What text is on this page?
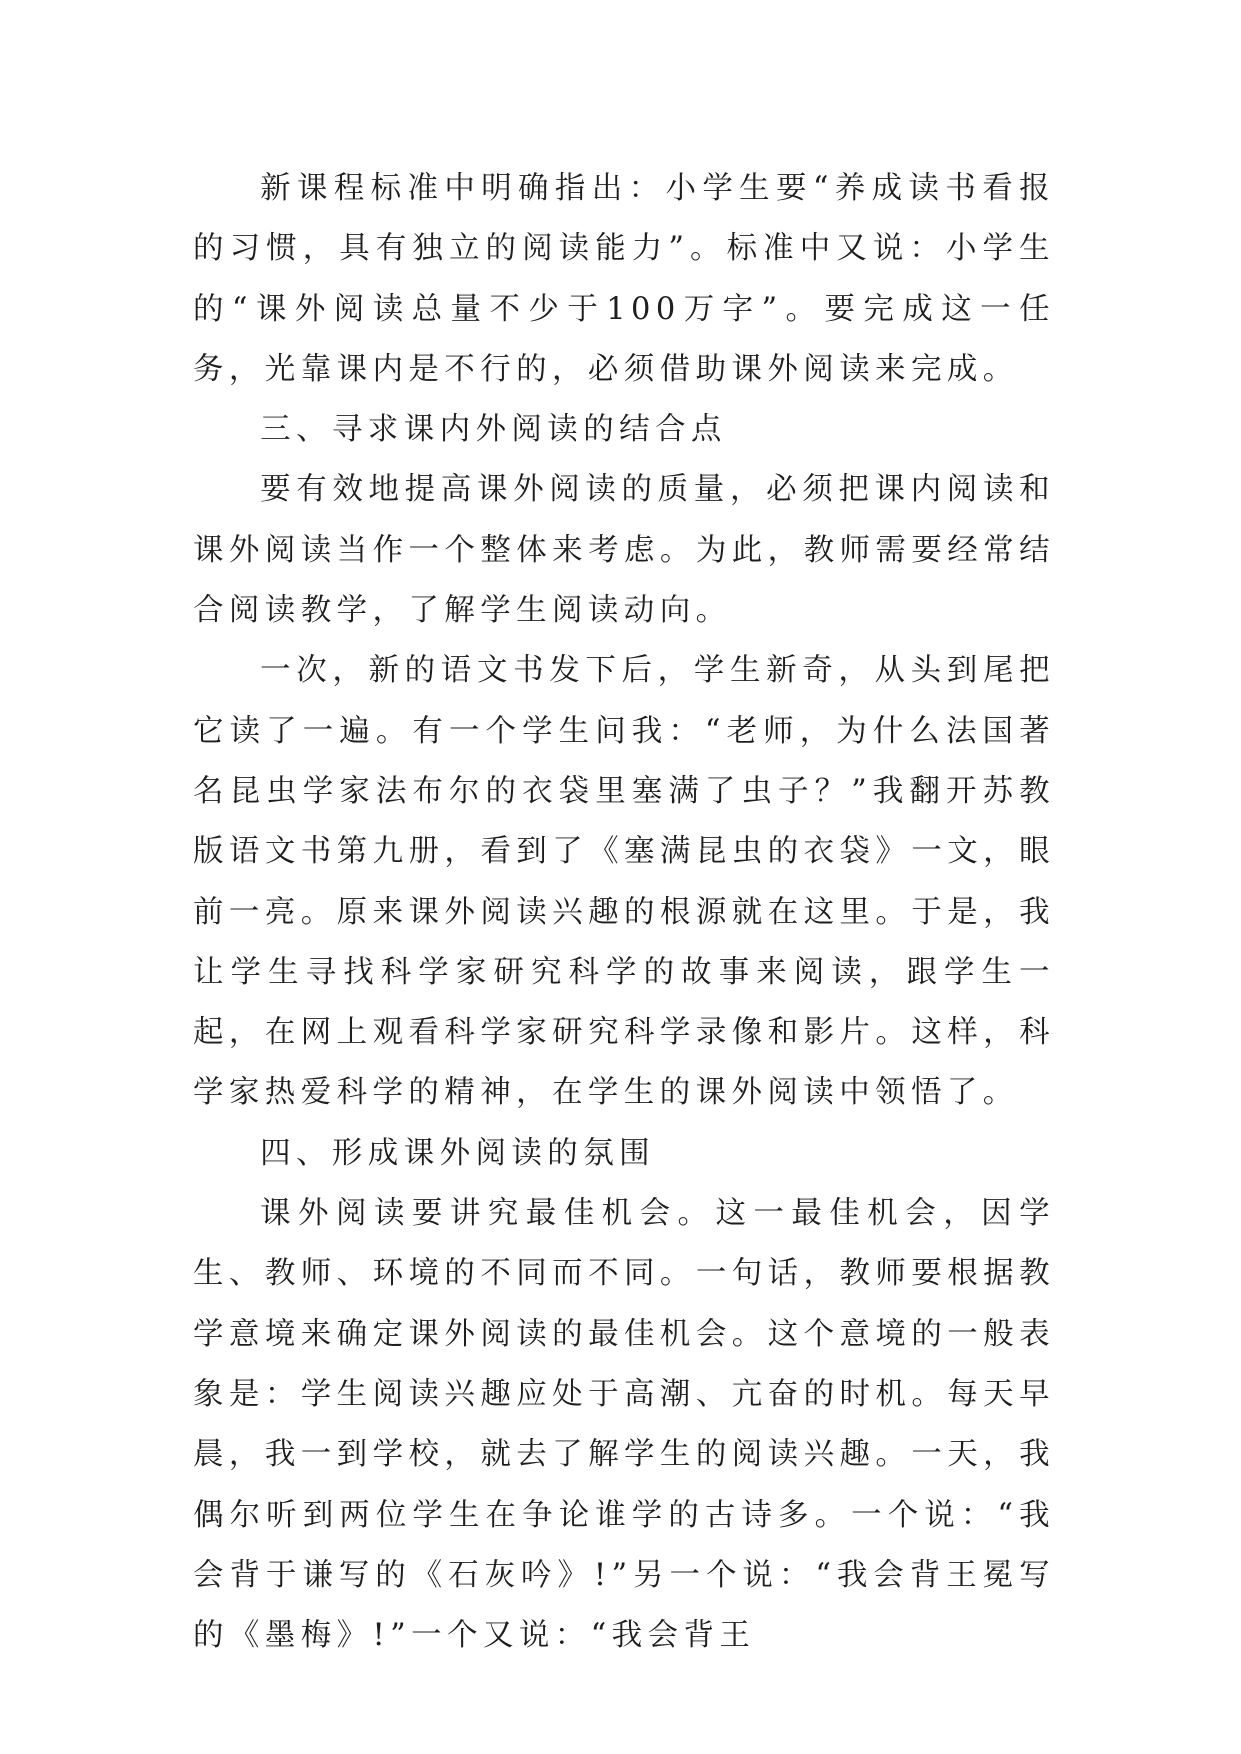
新课程标准中明确指出：小学生要“养成读书看报的习惯，具有独立的阅读能力”。标准中又说：小学生的“课外阅读总量不少于100万字”。要完成这一任务，光靠课内是不行的，必须借助课外阅读来完成。

三、寻求课内外阅读的结合点

要有效地提高课外阅读的质量，必须把课内阅读和课外阅读当作一个整体来考虑。为此，教师需要经常结合阅读教学，了解学生阅读动向。

一次，新的语文书发下后，学生新奇，从头到尾把它读了一遍。有一个学生问我：“老师，为什么法国著名昆虫学家法布尔的衣袋里塞满了虫子？”我翻开苏教版语文书第九册，看到了《塞满昆虫的衣袋》一文，眼前一亮。原来课外阅读兴趣的根源就在这里。于是，我让学生寻找科学家研究科学的故事来阅读，跟学生一起，在网上观看科学家研究科学录像和影片。这样，科学家热爱科学的精神，在学生的课外阅读中领悟了。

四、形成课外阅读的氛围

课外阅读要讲究最佳机会。这一最佳机会，因学生、教师、环境的不同而不同。一句话，教师要根据教学意境来确定课外阅读的最佳机会。这个意境的一般表象是：学生阅读兴趣应处于高潮、亢奋的时机。每天早晨，我一到学校，就去了解学生的阅读兴趣。一天，我偶尔听到两位学生在争论谁学的古诗多。一个说：“我会背于谦写的《石灰吟》!”另一个说：“我会背王冕写的《墨梅》!”一个又说：“我会背王
